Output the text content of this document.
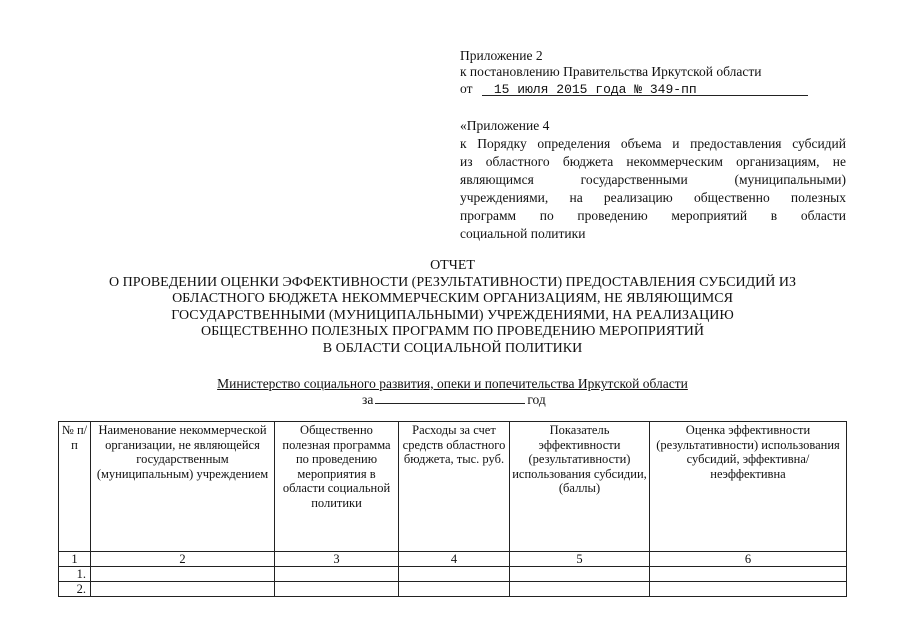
Приложение 2
к постановлению Правительства Иркутской области
от 15 июля 2015 года № 349-пп
«Приложение 4
к Порядку определения объема и предоставления субсидий
из областного бюджета некоммерческим организациям, не
являющимся государственными (муниципальными)
учреждениями, на реализацию общественно полезных
программ по проведению мероприятий в области
социальной политики
ОТЧЕТ
О ПРОВЕДЕНИИ ОЦЕНКИ ЭФФЕКТИВНОСТИ (РЕЗУЛЬТАТИВНОСТИ) ПРЕДОСТАВЛЕНИЯ СУБСИДИЙ ИЗ
ОБЛАСТНОГО БЮДЖЕТА НЕКОММЕРЧЕСКИМ ОРГАНИЗАЦИЯМ, НЕ ЯВЛЯЮЩИМСЯ
ГОСУДАРСТВЕННЫМИ (МУНИЦИПАЛЬНЫМИ) УЧРЕЖДЕНИЯМИ, НА РЕАЛИЗАЦИЮ
ОБЩЕСТВЕННО ПОЛЕЗНЫХ ПРОГРАММ ПО ПРОВЕДЕНИЮ МЕРОПРИЯТИЙ
В ОБЛАСТИ СОЦИАЛЬНОЙ ПОЛИТИКИ
Министерство социального развития, опеки и попечительства Иркутской области
за	год
№ п/п	Наименование некоммерческой организации, не являющейся государственным (муниципальным) учреждением	Общественно полезная программа по проведению мероприятия в области социальной политики	Расходы за счет средств областного бюджета, тыс. руб.	Показатель эффективности (результативности) использования субсидии, (баллы)	Оценка эффективности (результативности) использования субсидий, эффективна/неэффективна
1	2	3	4	5	6
1.					
2.					
